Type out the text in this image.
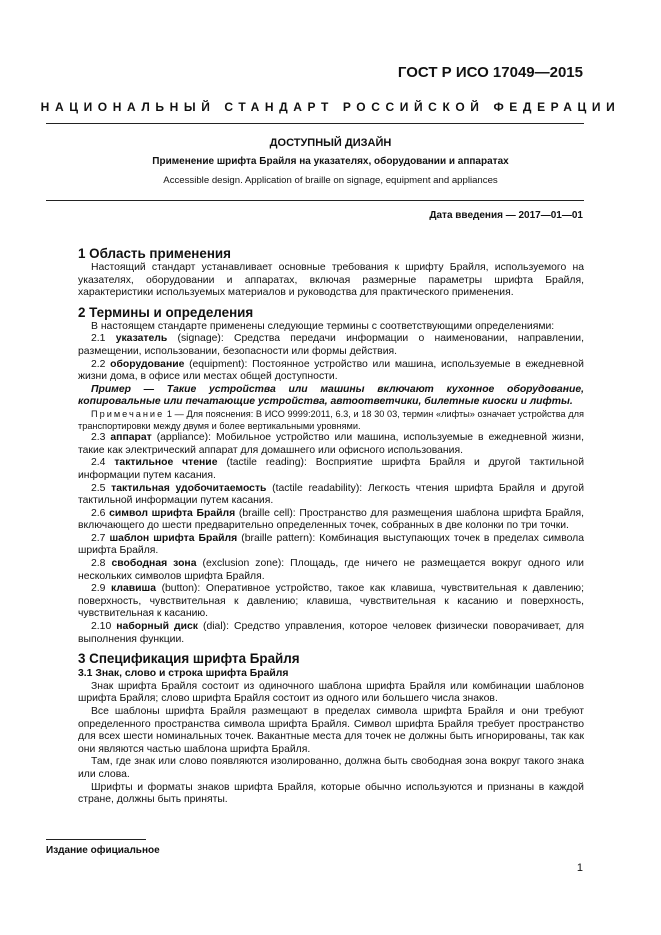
ГОСТ Р ИСО 17049—2015
НАЦИОНАЛЬНЫЙ СТАНДАРТ РОССИЙСКОЙ ФЕДЕРАЦИИ
ДОСТУПНЫЙ ДИЗАЙН
Применение шрифта Брайля на указателях, оборудовании и аппаратах
Accessible design. Application of braille on signage, equipment and appliances
Дата введения — 2017—01—01
1 Область применения

Настоящий стандарт устанавливает основные требования к шрифту Брайля, используемого на указателях, оборудовании и аппаратах, включая размерные параметры шрифта Брайля, характеристики используемых материалов и руководства для практического применения.

2 Термины и определения

В настоящем стандарте применены следующие термины с соответствующими определениями:

2.1 указатель (signage): Средства передачи информации о наименовании, направлении, размещении, использовании, безопасности или формы действия.

2.2 оборудование (equipment): Постоянное устройство или машина, используемые в ежедневной жизни дома, в офисе или местах общей доступности.

Пример — Такие устройства или машины включают кухонное оборудование, копировальные или печатающие устройства, автоответчики, билетные киоски и лифты.

Примечание 1 — Для пояснения: В ИСО 9999:2011, 6.3, и 18 30 03, термин «лифты» означает устройства для транспортировки между двумя и более вертикальными уровнями.

2.3 аппарат (appliance): Мобильное устройство или машина, используемые в ежедневной жизни, такие как электрический аппарат для домашнего или офисного использования.

2.4 тактильное чтение (tactile reading): Восприятие шрифта Брайля и другой тактильной информации путем касания.

2.5 тактильная удобочитаемость (tactile readability): Легкость чтения шрифта Брайля и другой тактильной информации путем касания.

2.6 символ шрифта Брайля (braille cell): Пространство для размещения шаблона шрифта Брайля, включающего до шести предварительно определенных точек, собранных в две колонки по три точки.

2.7 шаблон шрифта Брайля (braille pattern): Комбинация выступающих точек в пределах символа шрифта Брайля.

2.8 свободная зона (exclusion zone): Площадь, где ничего не размещается вокруг одного или нескольких символов шрифта Брайля.

2.9 клавиша (button): Оперативное устройство, такое как клавиша, чувствительная к давлению; поверхность, чувствительная к давлению; клавиша, чувствительная к касанию и поверхность, чувствительная к касанию.

2.10 наборный диск (dial): Средство управления, которое человек физически поворачивает, для выполнения функции.

3 Спецификация шрифта Брайля
3.1 Знак, слово и строка шрифта Брайля

Знак шрифта Брайля состоит из одиночного шаблона шрифта Брайля или комбинации шаблонов шрифта Брайля; слово шрифта Брайля состоит из одного или большего числа знаков.

Все шаблоны шрифта Брайля размещают в пределах символа шрифта Брайля и они требуют определенного пространства символа шрифта Брайля. Символ шрифта Брайля требует пространство для всех шести номинальных точек. Вакантные места для точек не должны быть игнорированы, так как они являются частью шаблона шрифта Брайля.

Там, где знак или слово появляются изолированно, должна быть свободная зона вокруг такого знака или слова.

Шрифты и форматы знаков шрифта Брайля, которые обычно используются и признаны в каждой стране, должны быть приняты.

Издание официальное
1
